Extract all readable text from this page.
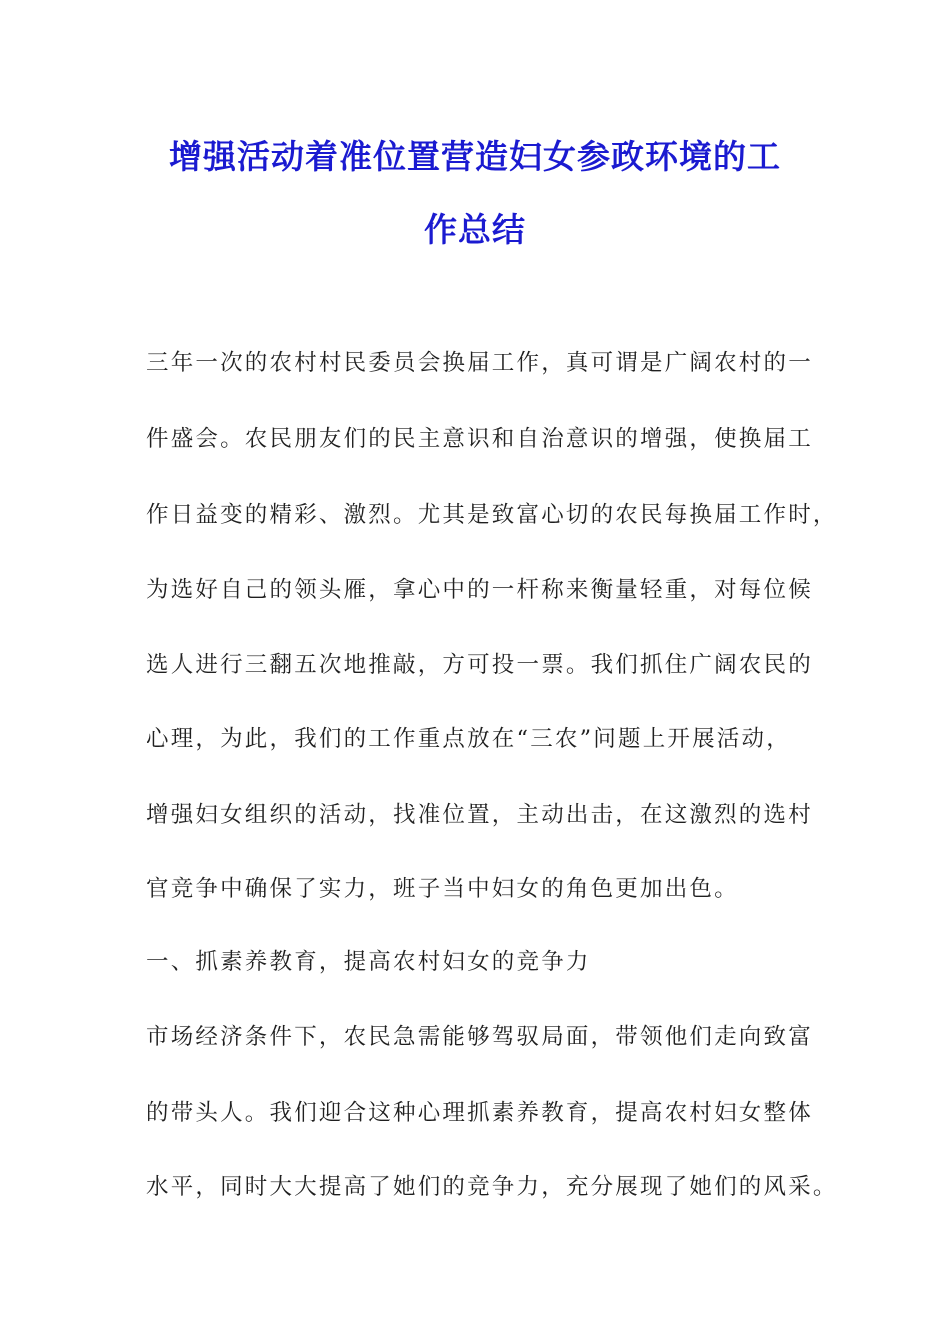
增强活动着准位置营造妇女参政环境的工
作总结

三年一次的农村村民委员会换届工作，真可谓是广阔农村的一

件盛会。农民朋友们的民主意识和自治意识的增强，使换届工

作日益变的精彩、激烈。尤其是致富心切的农民每换届工作时，

为选好自己的领头雁，拿心中的一杆称来衡量轻重，对每位候

选人进行三翻五次地推敲，方可投一票。我们抓住广阔农民的

心理，为此，我们的工作重点放在“三农”问题上开展活动，

增强妇女组织的活动，找准位置，主动出击，在这激烈的选村

官竞争中确保了实力，班子当中妇女的角色更加出色。

一、抓素养教育，提高农村妇女的竞争力

市场经济条件下，农民急需能够驾驭局面，带领他们走向致富

的带头人。我们迎合这种心理抓素养教育，提高农村妇女整体

水平，同时大大提高了她们的竞争力，充分展现了她们的风采。
